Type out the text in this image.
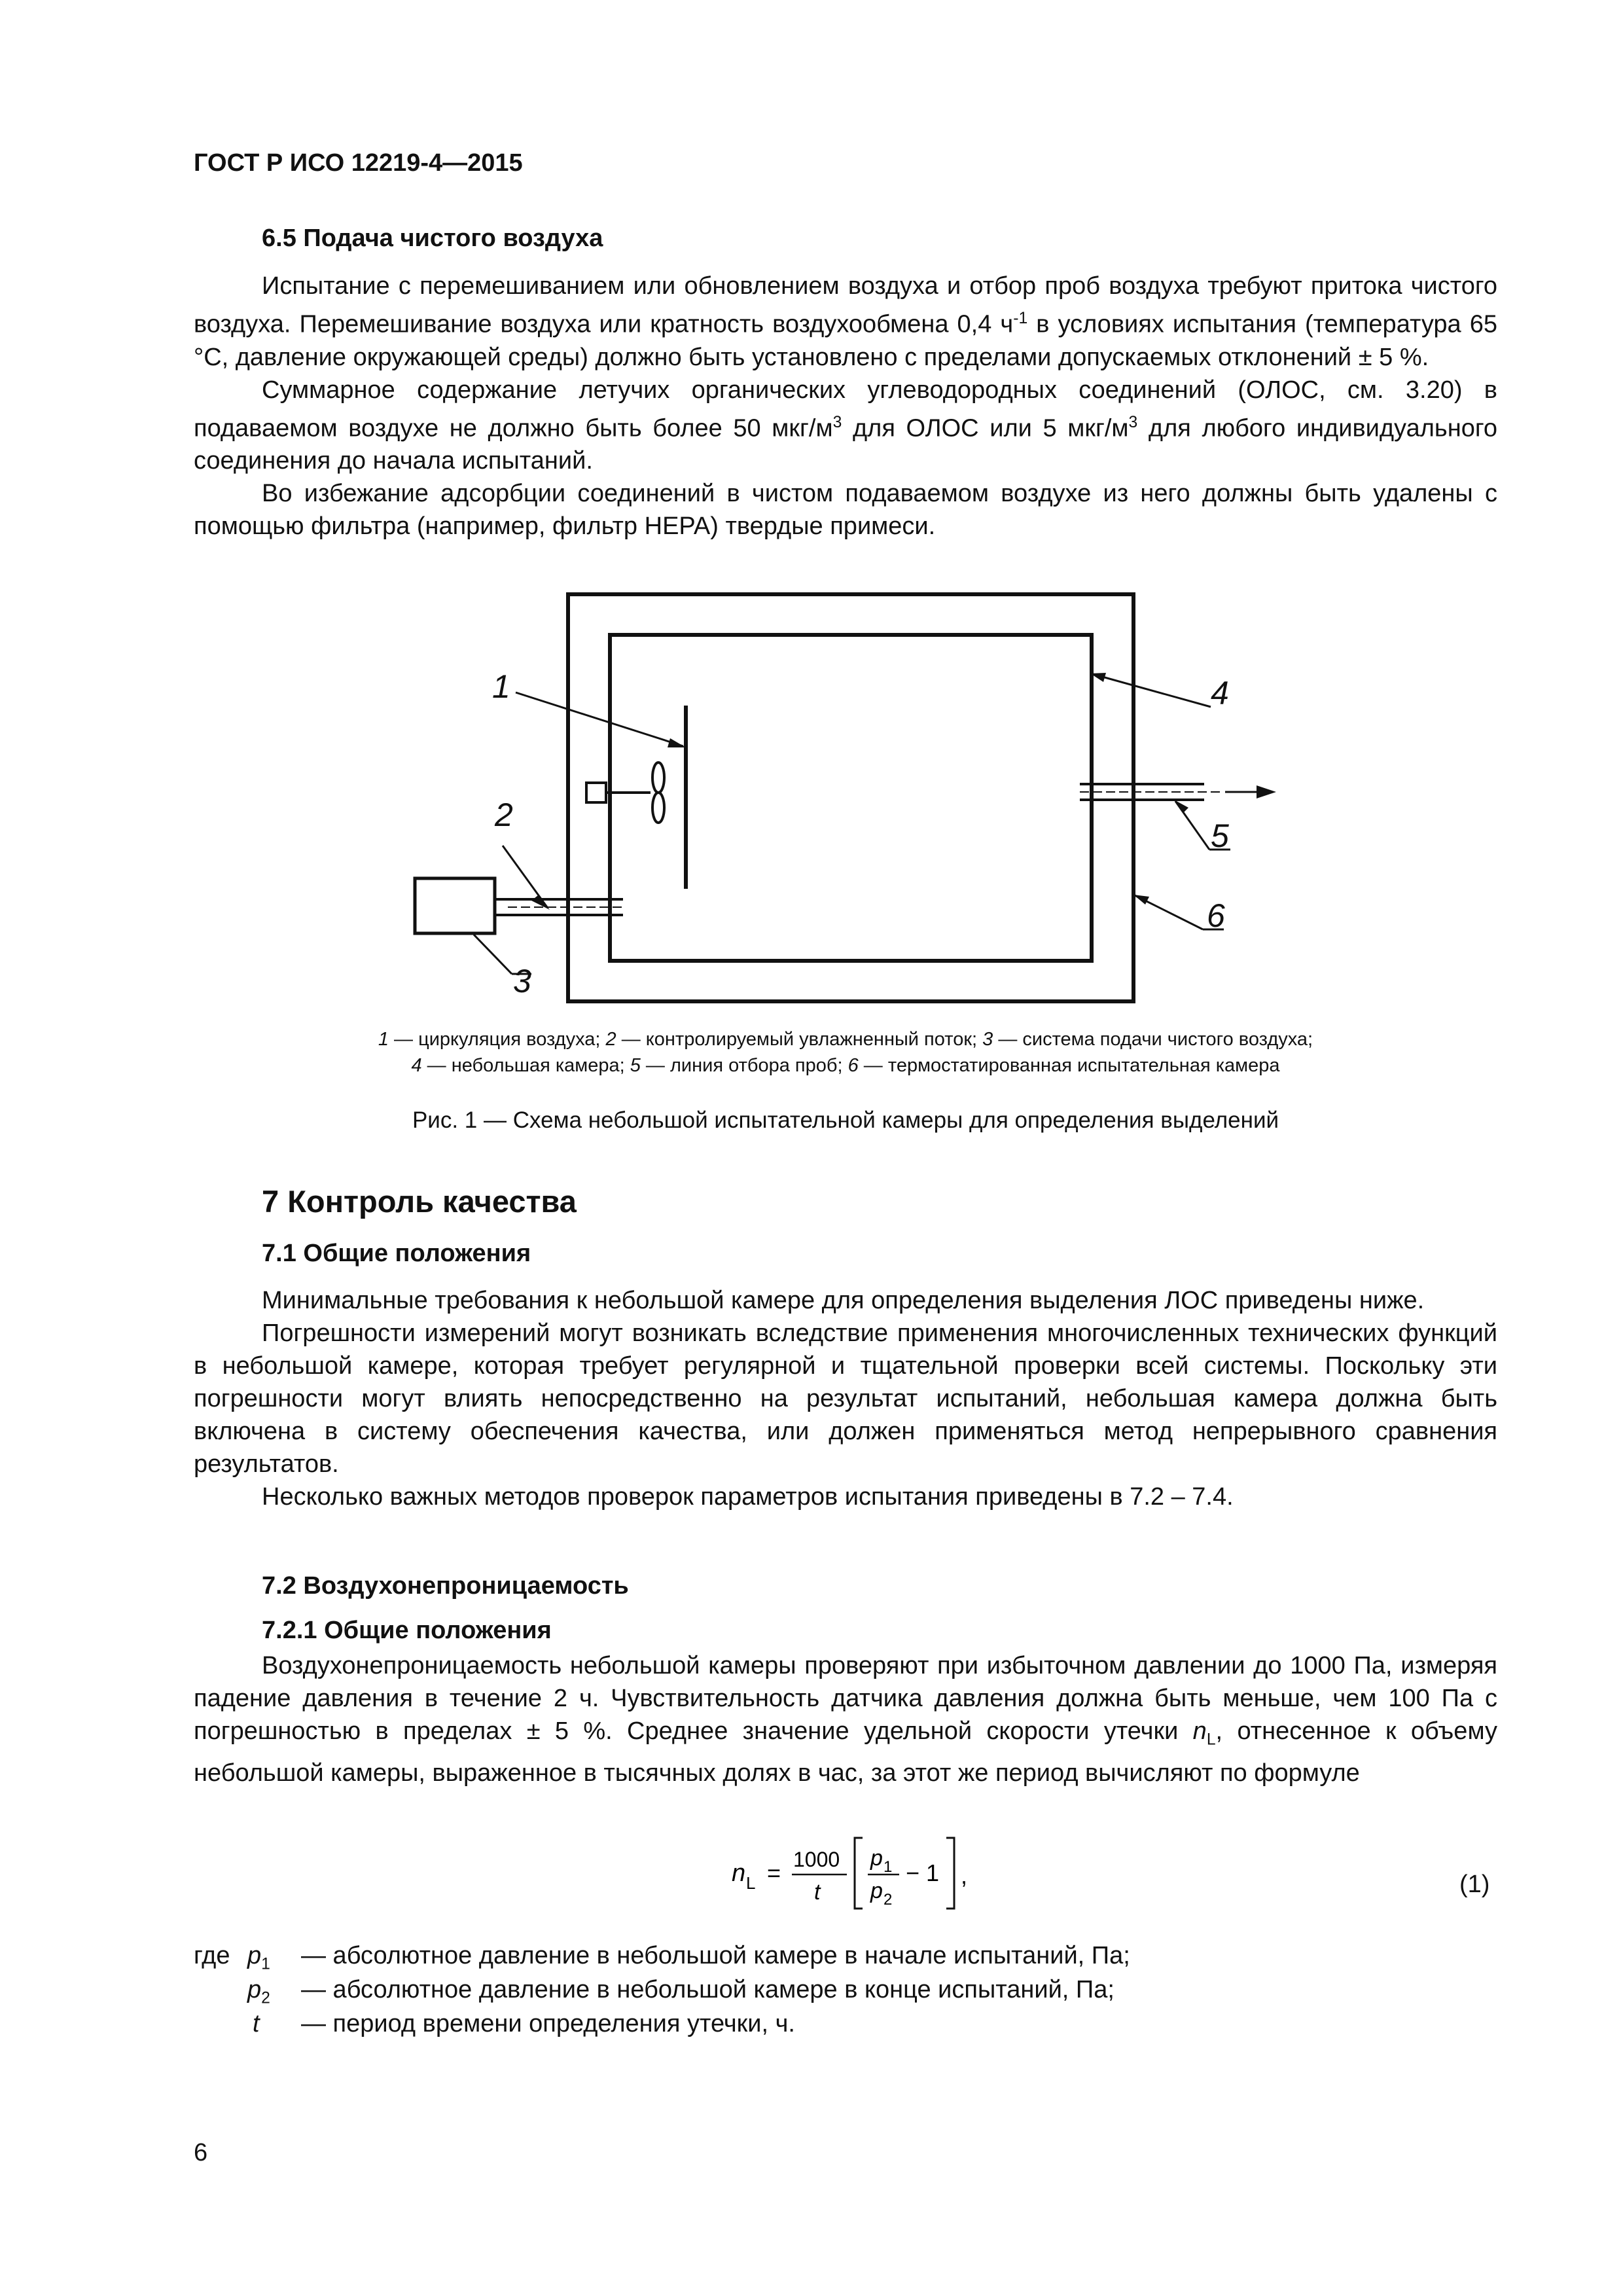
ГОСТ Р ИСО 12219-4—2015
6.5 Подача чистого воздуха

Испытание с перемешиванием или обновлением воздуха и отбор проб воздуха требуют притока чистого воздуха. Перемешивание воздуха или кратность воздухообмена 0,4 $ч^{-1}$ в условиях испытания (температура 65 °C, давление окружающей среды) должно быть установлено с пределами допускаемых отклонений ± 5 %.

Суммарное содержание летучих органических углеводородных соединений (ОЛОС, см. 3.20) в подаваемом воздухе не должно быть более 50 мкг/$м^3$ для ОЛОС или 5 мкг/$м^3$ для любого индивидуального соединения до начала испытаний.

Во избежание адсорбции соединений в чистом подаваемом воздухе из него должны быть удалены с помощью фильтра (например, фильтр HEPA) твердые примеси.

1
2
3
4
5
6
1 — циркуляция воздуха; 2 — контролируемый увлажненный поток; 3 — система подачи чистого воздуха;
4 — небольшая камера; 5 — линия отбора проб; 6 — термостатированная испытательная камера
Рис. 1 — Схема небольшой испытательной камеры для определения выделений
7 Контроль качества
7.1 Общие положения

Минимальные требования к небольшой камере для определения выделения ЛОС приведены ниже.

Погрешности измерений могут возникать вследствие применения многочисленных технических функций в небольшой камере, которая требует регулярной и тщательной проверки всей системы. Поскольку эти погрешности могут влиять непосредственно на результат испытаний, небольшая камера должна быть включена в систему обеспечения качества, или должен применяться метод непрерывного сравнения результатов.

Несколько важных методов проверок параметров испытания приведены в 7.2 – 7.4.

7.2 Воздухонепроницаемость
7.2.1 Общие положения

Воздухонепроницаемость небольшой камеры проверяют при избыточном давлении до 1000 Па, измеряя падение давления в течение 2 ч. Чувствительность датчика давления должна быть меньше, чем 100 Па с погрешностью в пределах ± 5 %. Среднее значение удельной скорости утечки $n_L$, отнесенное к объему небольшой камеры, выраженное в тысячных долях в час, за этот же период вычисляют по формуле

n L = 1000
t
p 1
p 2
− 1 ,	(1)
где $p_1$ — абсолютное давление в небольшой камере в начале испытаний, Па;
$p_2$ — абсолютное давление в небольшой камере в конце испытаний, Па;
t — период времени определения утечки, ч.
6
